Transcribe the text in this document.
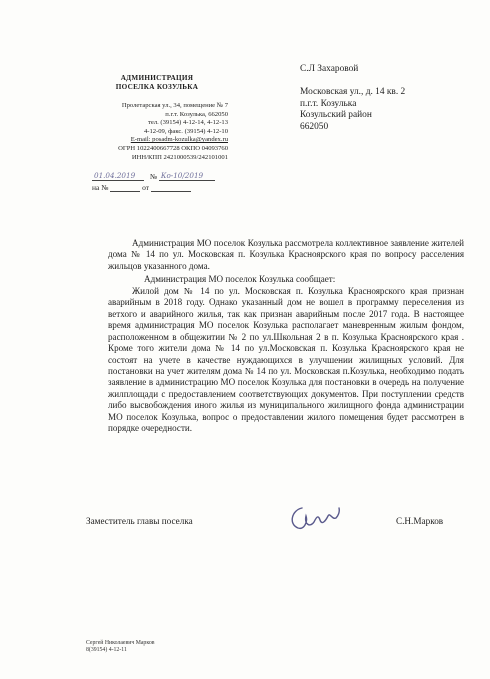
АДМИНИСТРАЦИЯ
ПОСЕЛКА КОЗУЛЬКА
Пролетарская ул., 34, помещение № 7
п.г.т. Козулька, 662050
тел. (39154) 4-12-14, 4-12-13
4-12-09, факс. (39154) 4-12-10
E-mail: posadm-kozulka@yandex.ru
ОГРН 1022400667728 ОКПО 04093760
ИНН/КПП 2421000539/242101001
01.04.2019 № Ко-10/2019
на №	от
С.Л Захаровой
Московская ул., д. 14 кв. 2
п.г.т. Козулька
Козульский район
662050
Администрация МО поселок Козулька рассмотрела коллективное заявление жителей дома № 14 по ул. Московская п. Козулька Красноярского края по вопросу расселения жильцов указанного дома.
Администрация МО поселок Козулька сообщает:
Жилой дом № 14 по ул. Московская п. Козулька Красноярского края признан аварийным в 2018 году. Однако указанный дом не вошел в программу переселения из ветхого и аварийного жилья, так как признан аварийным после 2017 года. В настоящее время администрация МО поселок Козулька располагает маневренным жилым фондом, расположенном в общежитии № 2 по ул.Школьная 2 в п. Козулька Красноярского края . Кроме того жители дома № 14 по ул.Московская п. Козулька Красноярского края не состоят на учете в качестве нуждающихся в улучшении жилищных условий. Для постановки на учет жителям дома № 14 по ул. Московская п.Козулька, необходимо подать заявление в администрацию МО поселок Козулька для постановки в очередь на получение жилплощади с предоставлением соответствующих документов. При поступлении средств либо высвобождения иного жилья из муниципального жилищного фонда администрации МО поселок Козулька, вопрос о предоставлении жилого помещения будет рассмотрен в порядке очередности.
Заместитель главы поселка	С.Н.Марков
Сергей Николаевич Марков
8(39154) 4-12-11
